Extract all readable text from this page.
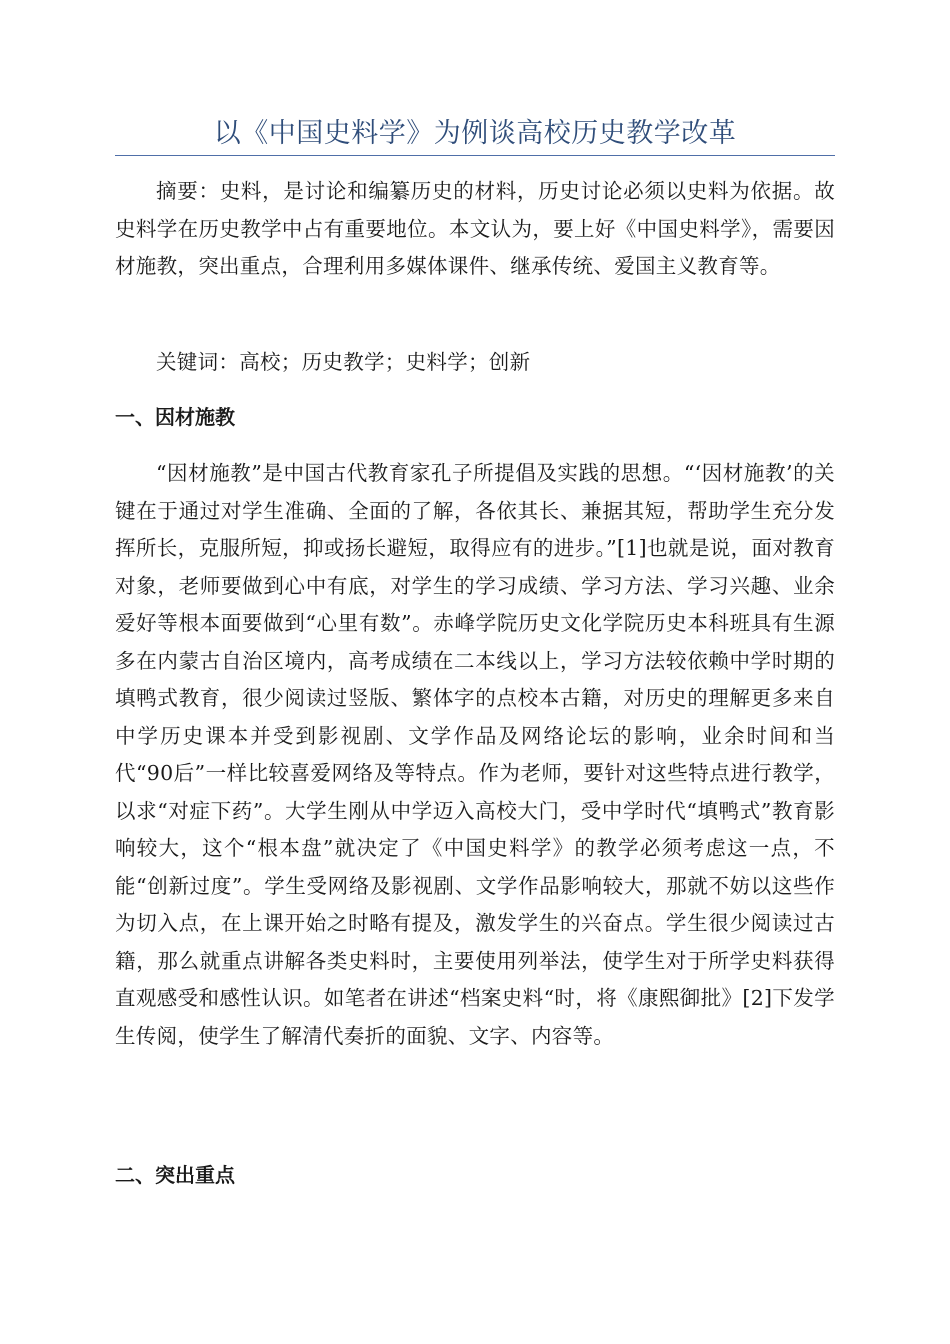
以《中国史料学》为例谈高校历史教学改革

摘要：史料，是讨论和编纂历史的材料，历史讨论必须以史料为依据。故史料学在历史教学中占有重要地位。本文认为，要上好《中国史料学》，需要因材施教，突出重点，合理利用多媒体课件、继承传统、爱国主义教育等。

关键词：高校；历史教学；史料学；创新

一、因材施教

“因材施教”是中国古代教育家孔子所提倡及实践的思想。“‘因材施教’的关键在于通过对学生准确、全面的了解，各依其长、兼据其短，帮助学生充分发挥所长，克服所短，抑或扬长避短，取得应有的进步。”[1]也就是说，面对教育对象，老师要做到心中有底，对学生的学习成绩、学习方法、学习兴趣、业余爱好等根本面要做到“心里有数”。赤峰学院历史文化学院历史本科班具有生源多在内蒙古自治区境内，高考成绩在二本线以上，学习方法较依赖中学时期的填鸭式教育，很少阅读过竖版、繁体字的点校本古籍，对历史的理解更多来自中学历史课本并受到影视剧、文学作品及网络论坛的影响，业余时间和当代“90后”一样比较喜爱网络及等特点。作为老师，要针对这些特点进行教学，以求“对症下药”。大学生刚从中学迈入高校大门，受中学时代“填鸭式”教育影响较大，这个“根本盘”就决定了《中国史料学》的教学必须考虑这一点，不能“创新过度”。学生受网络及影视剧、文学作品影响较大，那就不妨以这些作为切入点，在上课开始之时略有提及，激发学生的兴奋点。学生很少阅读过古籍，那么就重点讲解各类史料时，主要使用列举法，使学生对于所学史料获得直观感受和感性认识。如笔者在讲述“档案史料“时，将《康熙御批》[2]下发学生传阅，使学生了解清代奏折的面貌、文字、内容等。

二、突出重点
